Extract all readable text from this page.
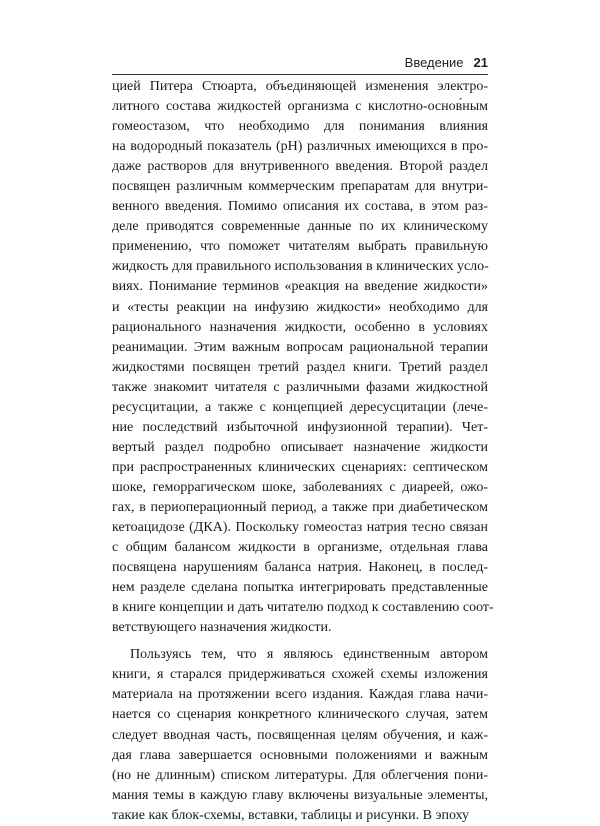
Введение 21
цией Питера Стюарта, объединяющей изменения электро-
литного состава жидкостей организма с кислотно-основ́ным
гомеостазом, что необходимо для понимания влияния
на водородный показатель (pH) различных имеющихся в про-
даже растворов для внутривенного введения. Второй раздел
посвящен различным коммерческим препаратам для внутри-
венного введения. Помимо описания их состава, в этом раз-
деле приводятся современные данные по их клиническому
применению, что поможет читателям выбрать правильную
жидкость для правильного использования в клинических усло-
виях. Понимание терминов «реакция на введение жидкости»
и «тесты реакции на инфузию жидкости» необходимо для
рационального назначения жидкости, особенно в условиях
реанимации. Этим важным вопросам рациональной терапии
жидкостями посвящен третий раздел книги. Третий раздел
также знакомит читателя с различными фазами жидкостной
ресусцитации, а также с концепцией дересусцитации (лече-
ние последствий избыточной инфузионной терапии). Чет-
вертый раздел подробно описывает назначение жидкости
при распространенных клинических сценариях: септическом
шоке, геморрагическом шоке, заболеваниях с диареей, ожо-
гах, в периоперационный период, а также при диабетическом
кетоацидозе (ДКА). Поскольку гомеостаз натрия тесно связан
с общим балансом жидкости в организме, отдельная глава
посвящена нарушениям баланса натрия. Наконец, в послед-
нем разделе сделана попытка интегрировать представленные
в книге концепции и дать читателю подход к составлению соот-
ветствующего назначения жидкости.
Пользуясь тем, что я являюсь единственным автором
книги, я старался придерживаться схожей схемы изложения
материала на протяжении всего издания. Каждая глава начи-
нается со сценария конкретного клинического случая, затем
следует вводная часть, посвященная целям обучения, и каж-
дая глава завершается основными положениями и важным
(но не длинным) списком литературы. Для облегчения пони-
мания темы в каждую главу включены визуальные элементы,
такие как блок-схемы, вставки, таблицы и рисунки. В эпоху
